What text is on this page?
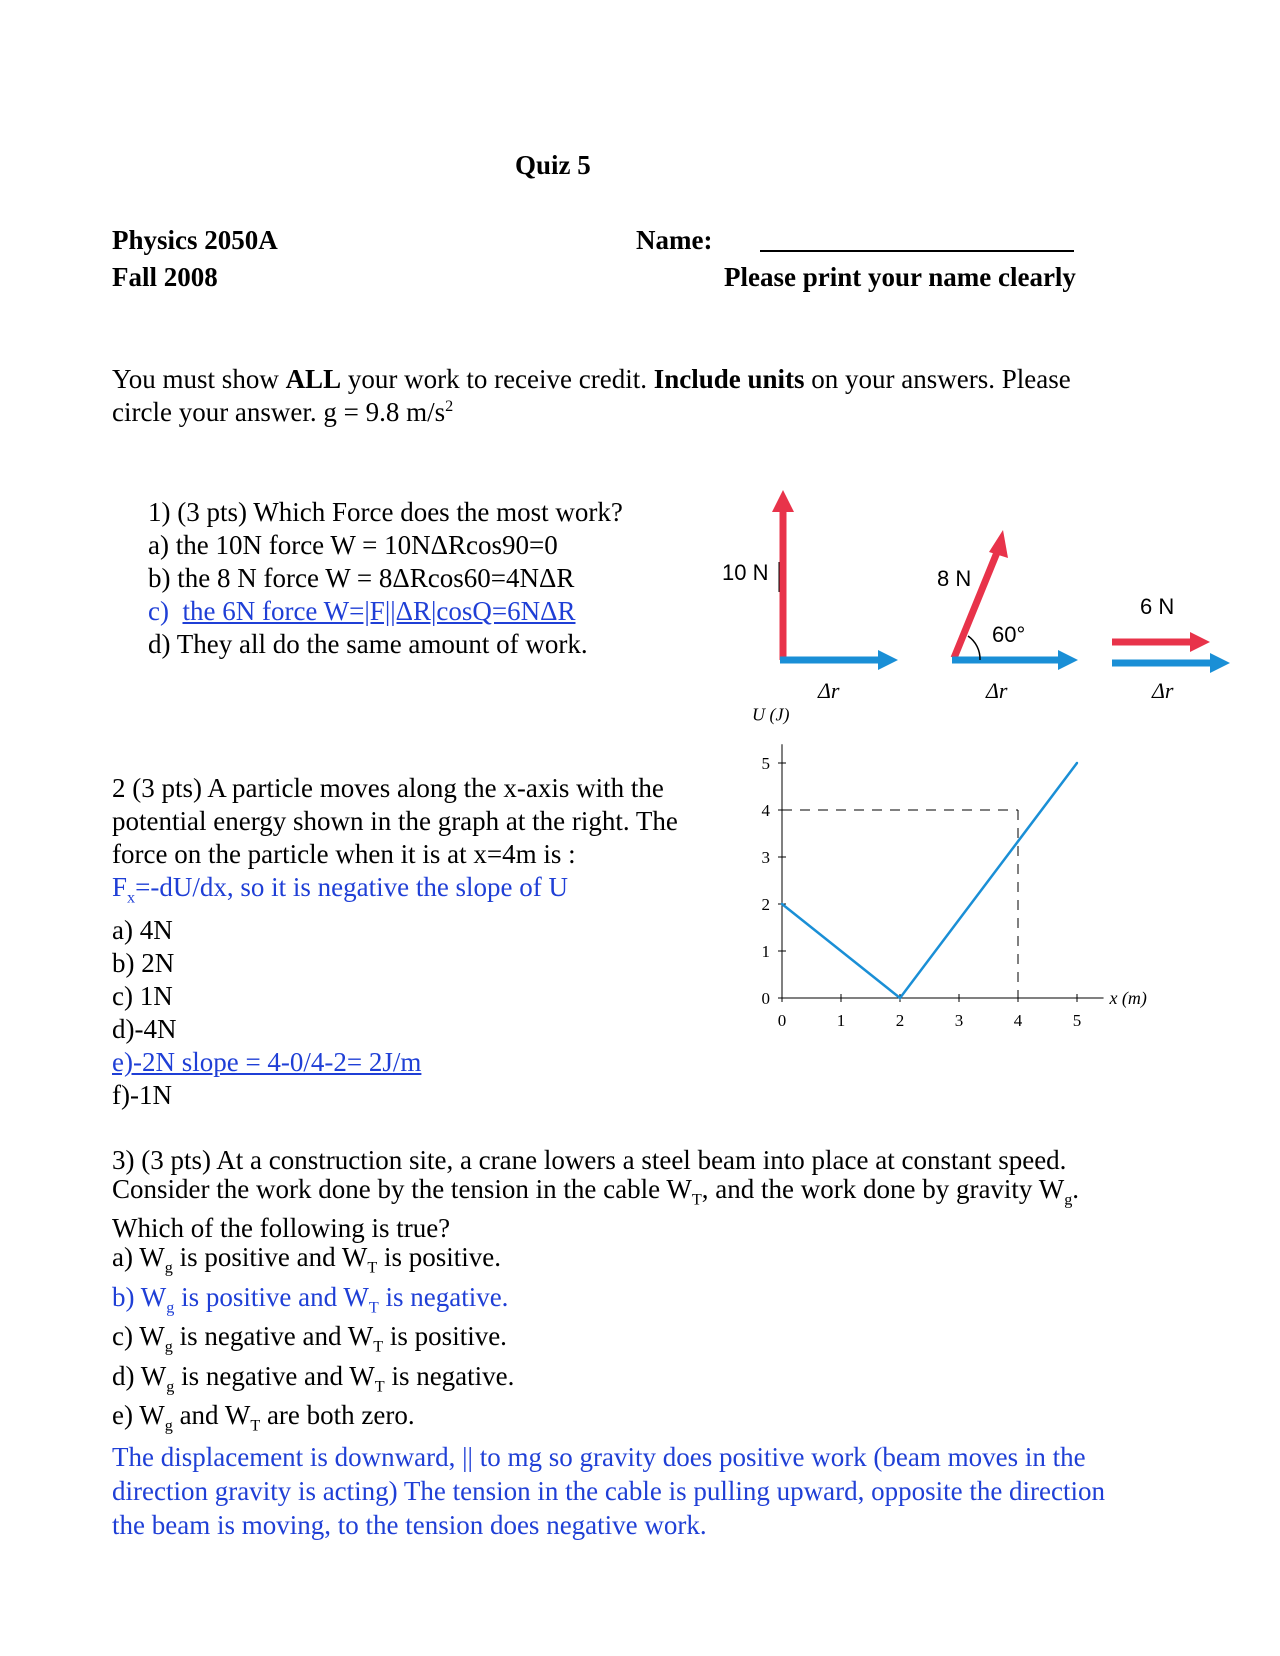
Quiz 5
Physics 2050A
Fall 2008
Name:
Please print your name clearly
You must show ALL your work to receive credit. Include units on your answers. Please
circle your answer. g = 9.8 $m/s^2$
1) (3 pts) Which Force does the most work?
a) the 10N force W = 10NΔRcos90=0
b) the 8 N force W = 8ΔRcos60=4NΔR
c)  the 6N force W=|F||ΔR|cosQ=6NΔR
d) They all do the same amount of work.
10 N
Δr⃗
8 N
60°
Δr⃗
6 N
Δr⃗
2 (3 pts) A particle moves along the x-axis with the
potential energy shown in the graph at the right. The
force on the particle when it is at x=4m is :
$F_x=-dU/dx$, so it is negative the slope of U
a) 4N
b) 2N
c) 1N
d)-4N
e)-2N slope = 4-0/4-2= 2J/m
f)-1N
0	1	2	3	4	5
0
1
2
3
4
5
x (m)
U (J)
3) (3 pts) At a construction site, a crane lowers a steel beam into place at constant speed.
Consider the work done by the tension in the cable $W_T$, and the work done by gravity $W_g$.
Which of the following is true?
a) $W_g$ is positive and $W_T$ is positive.
b) $W_g$ is positive and $W_T$ is negative.
c) $W_g$ is negative and $W_T$ is positive.
d) $W_g$ is negative and $W_T$ is negative.
e) $W_g$ and $W_T$ are both zero.
The displacement is downward, || to mg so gravity does positive work (beam moves in the
direction gravity is acting) The tension in the cable is pulling upward, opposite the direction
the beam is moving, to the tension does negative work.
